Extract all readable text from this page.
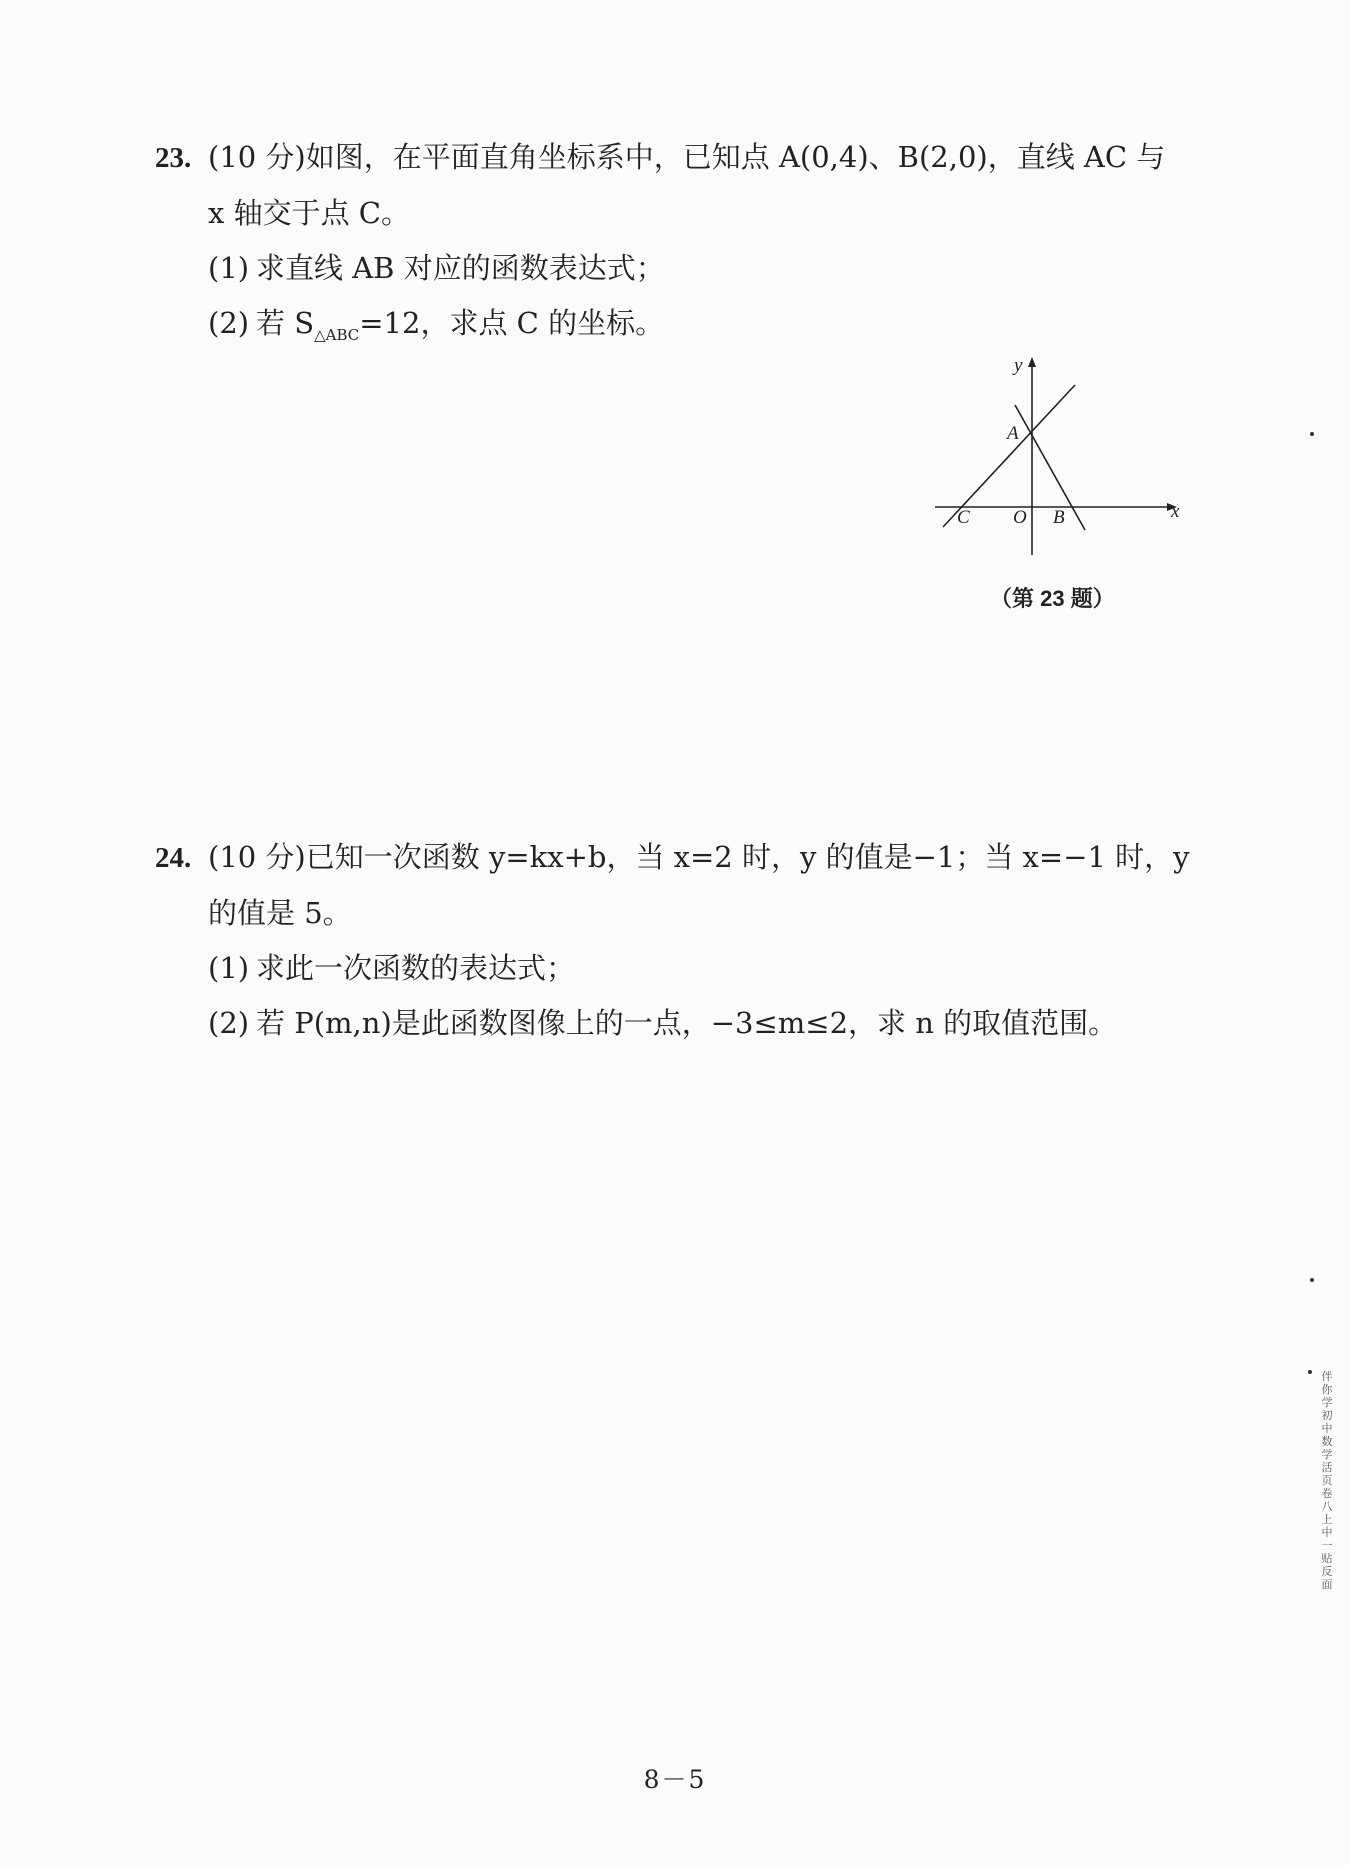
23. (10 分)如图，在平面直角坐标系中，已知点 A(0,4)、B(2,0)，直线 AC 与
x 轴交于点 C。
(1) 求直线 AB 对应的函数表达式；
(2) 若 $S_{\triangle ABC}=12$，求点 C 的坐标。
y
x
A
O B
C
（第 23 题）
24. (10 分)已知一次函数 y=kx+b，当 x=2 时，y 的值是−1；当 x=−1 时，y
的值是 5。
(1) 求此一次函数的表达式；
(2) 若 P(m,n)是此函数图像上的一点，−3≤m≤2，求 n 的取值范围。
8－5
伴你学初中数学活页卷 八上 中一贴反面
